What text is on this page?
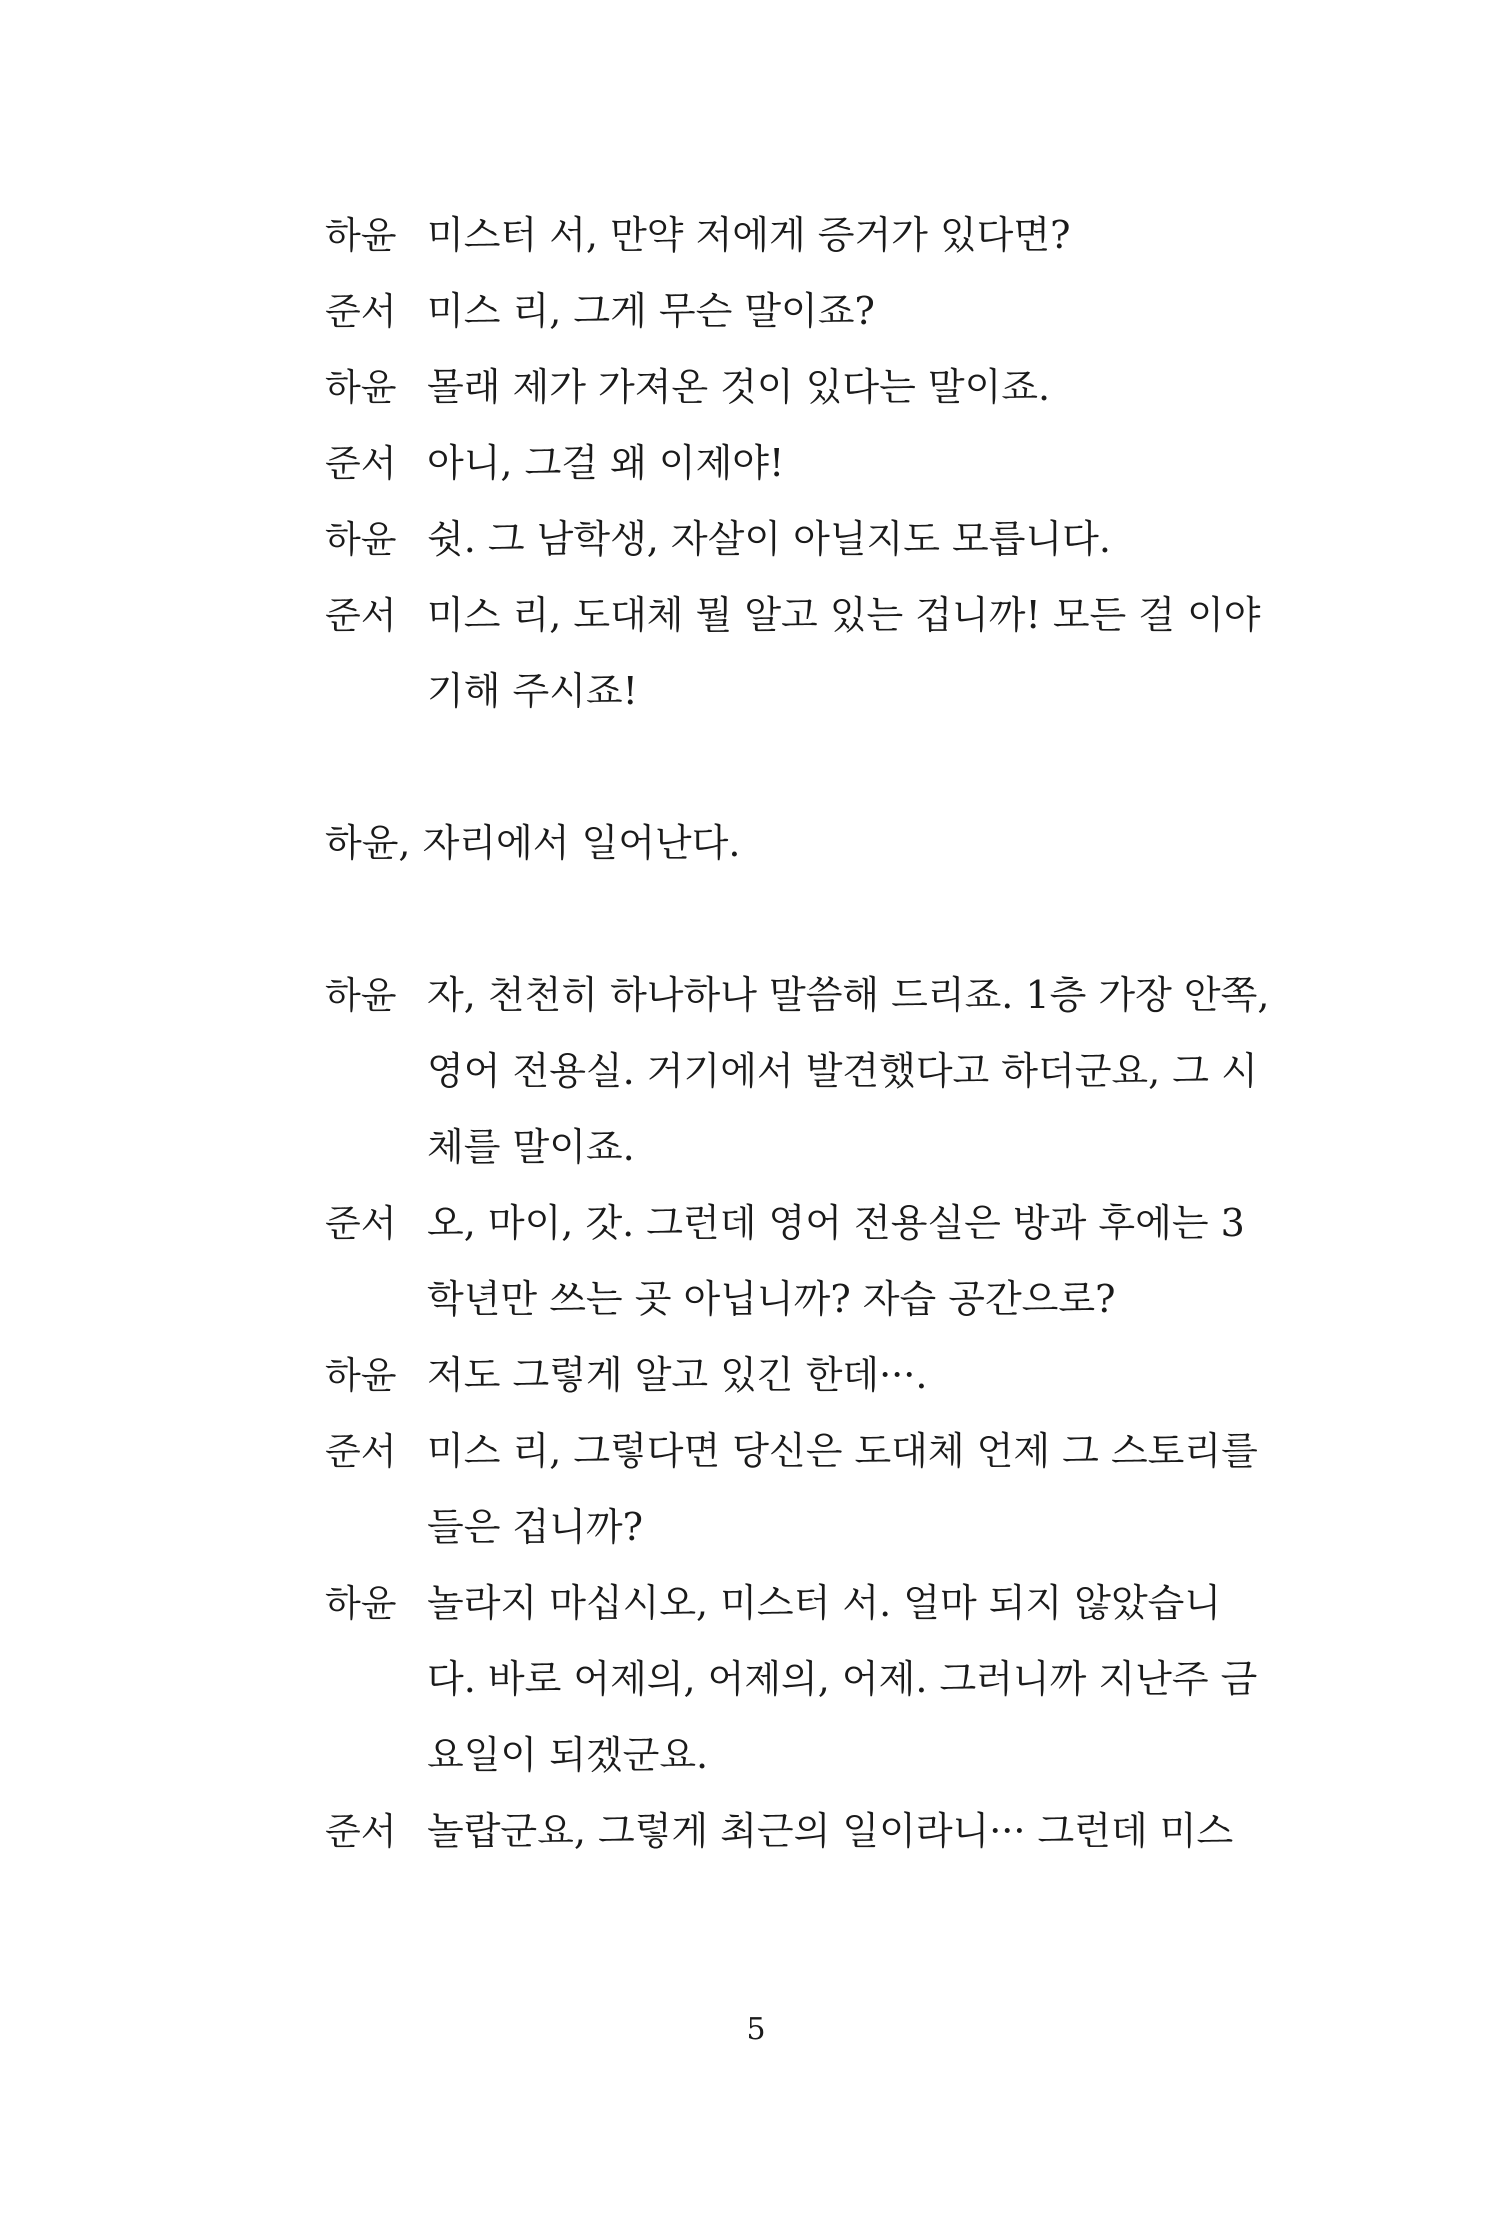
하윤 미스터 서, 만약 저에게 증거가 있다면?
준서 미스 리, 그게 무슨 말이죠?
하윤 몰래 제가 가져온 것이 있다는 말이죠.
준서 아니, 그걸 왜 이제야!
하윤 쉿. 그 남학생, 자살이 아닐지도 모릅니다.
준서 미스 리, 도대체 뭘 알고 있는 겁니까! 모든 걸 이야
기해 주시죠!
하윤, 자리에서 일어난다.
하윤 자, 천천히 하나하나 말씀해 드리죠. 1층 가장 안쪽,
영어 전용실. 거기에서 발견했다고 하더군요, 그 시
체를 말이죠.
준서 오, 마이, 갓. 그런데 영어 전용실은 방과 후에는 3
학년만 쓰는 곳 아닙니까? 자습 공간으로?
하윤 저도 그렇게 알고 있긴 한데···.
준서 미스 리, 그렇다면 당신은 도대체 언제 그 스토리를
들은 겁니까?
하윤 놀라지 마십시오, 미스터 서. 얼마 되지 않았습니
다. 바로 어제의, 어제의, 어제. 그러니까 지난주 금
요일이 되겠군요.
준서 놀랍군요, 그렇게 최근의 일이라니··· 그런데 미스
5
